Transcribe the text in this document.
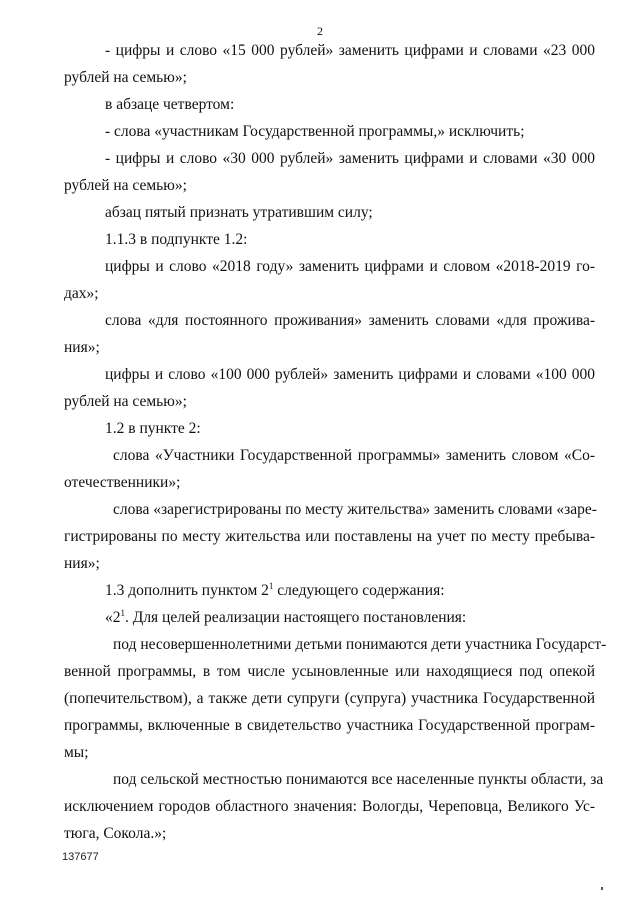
2
- цифры и слово «15 000 рублей» заменить цифрами и словами «23 000
рублей на семью»;
в абзаце четвертом:
- слова «участникам Государственной программы,» исключить;
- цифры и слово «30 000 рублей» заменить цифрами и словами «30 000
рублей на семью»;
абзац пятый признать утратившим силу;
1.1.3 в подпункте 1.2:
цифры и слово «2018 году» заменить цифрами и словом «2018-2019 го-
дах»;
слова «для постоянного проживания» заменить словами «для прожива-
ния»;
цифры и слово «100 000 рублей» заменить цифрами и словами «100 000
рублей на семью»;
1.2 в пункте 2:
слова «Участники Государственной программы» заменить словом «Со-
отечественники»;
слова «зарегистрированы по месту жительства» заменить словами «заре-
гистрированы по месту жительства или поставлены на учет по месту пребыва-
ния»;
1.3 дополнить пунктом $2^1$ следующего содержания:
«$2^1$. Для целей реализации настоящего постановления:
под несовершеннолетними детьми понимаются дети участника Государст-
венной программы, в том числе усыновленные или находящиеся под опекой
(попечительством), а также дети супруги (супруга) участника Государственной
программы, включенные в свидетельство участника Государственной програм-
мы;
под сельской местностью понимаются все населенные пункты области, за
исключением городов областного значения: Вологды, Череповца, Великого Ус-
тюга, Сокола.»;
137677
